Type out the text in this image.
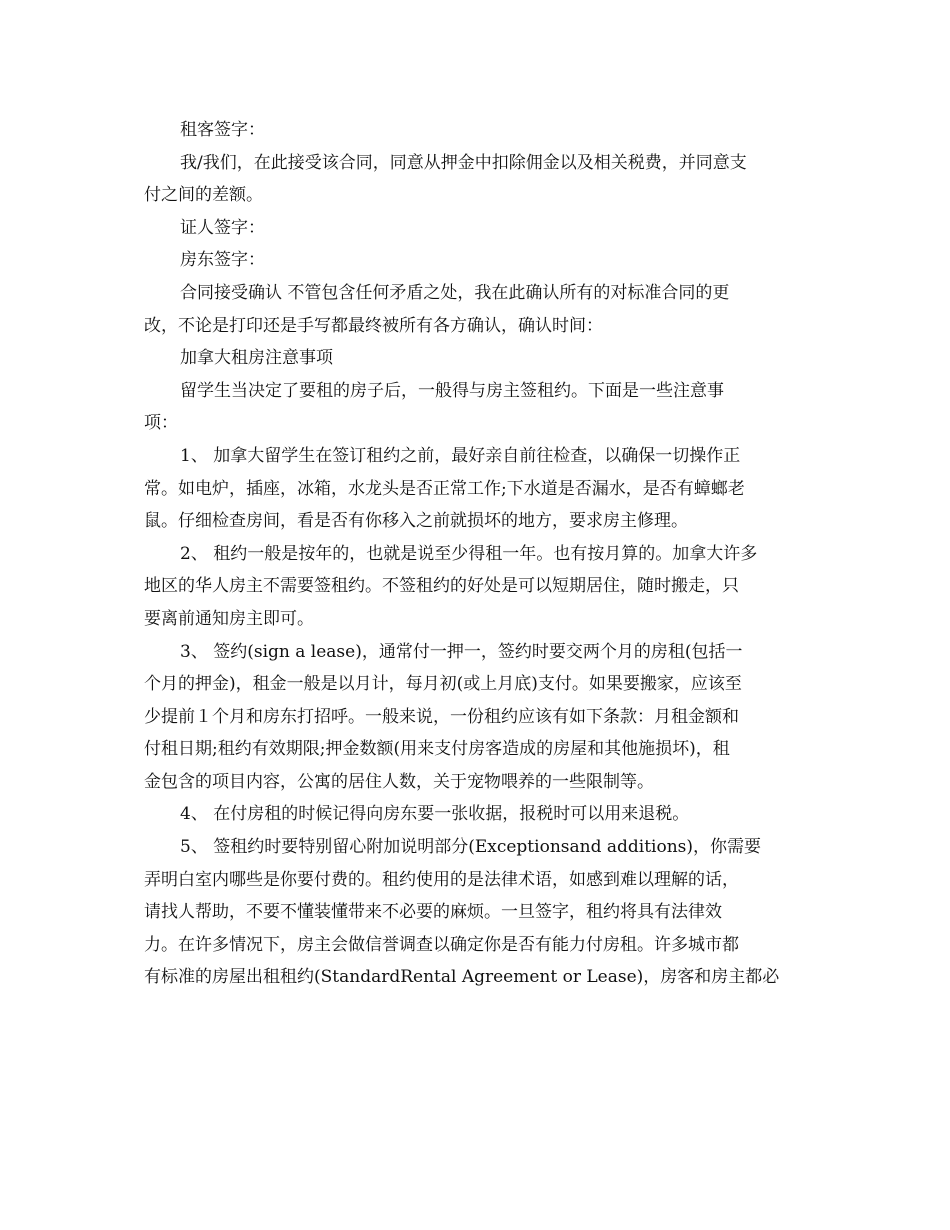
租客签字：
我/我们，在此接受该合同，同意从押金中扣除佣金以及相关税费，并同意支
付之间的差额。
证人签字：
房东签字：
合同接受确认 不管包含任何矛盾之处，我在此确认所有的对标准合同的更
改，不论是打印还是手写都最终被所有各方确认，确认时间：
加拿大租房注意事项
留学生当决定了要租的房子后，一般得与房主签租约。下面是一些注意事
项：
1、 加拿大留学生在签订租约之前，最好亲自前往检查，以确保一切操作正
常。如电炉，插座，冰箱，水龙头是否正常工作;下水道是否漏水，是否有蟑螂老
鼠。仔细检查房间，看是否有你移入之前就损坏的地方，要求房主修理。
2、 租约一般是按年的，也就是说至少得租一年。也有按月算的。加拿大许多
地区的华人房主不需要签租约。不签租约的好处是可以短期居住，随时搬走，只
要离前通知房主即可。
3、 签约(sign a lease)，通常付一押一，签约时要交两个月的房租(包括一
个月的押金)，租金一般是以月计，每月初(或上月底)支付。如果要搬家，应该至
少提前１个月和房东打招呼。一般来说，一份租约应该有如下条款：月租金额和
付租日期;租约有效期限;押金数额(用来支付房客造成的房屋和其他施损坏)，租
金包含的项目内容，公寓的居住人数，关于宠物喂养的一些限制等。
4、 在付房租的时候记得向房东要一张收据，报税时可以用来退税。
5、 签租约时要特别留心附加说明部分(Exceptionsand additions)，你需要
弄明白室内哪些是你要付费的。租约使用的是法律术语，如感到难以理解的话，
请找人帮助，不要不懂装懂带来不必要的麻烦。一旦签字，租约将具有法律效
力。在许多情况下，房主会做信誉调查以确定你是否有能力付房租。许多城市都
有标准的房屋出租租约(StandardRental Agreement or Lease)，房客和房主都必
